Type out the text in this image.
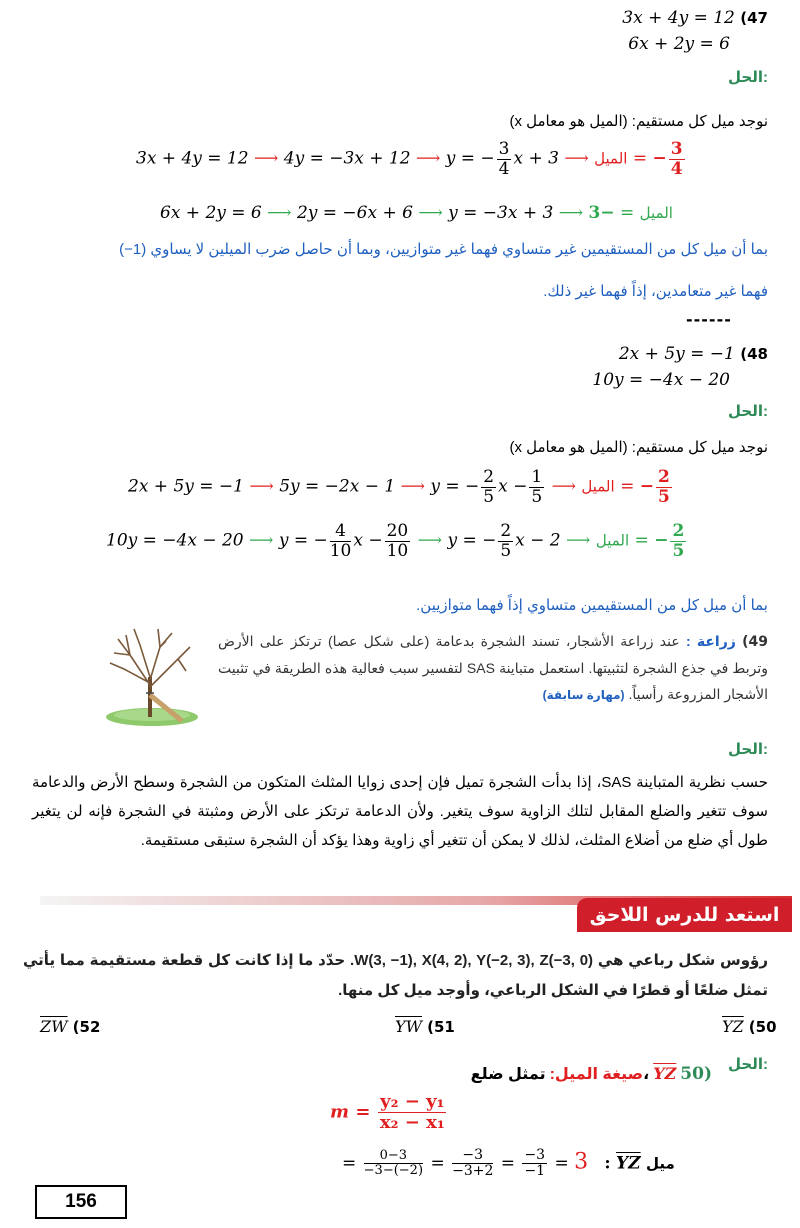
3x + 4y = 12 (47
6x + 2y = 6
الحل:
نوجد ميل كل مستقيم: (الميل هو معامل x)
3x + 4y = 12 ⟶ 4y = −3x + 12 ⟶ y = − $\frac{3}{4}$ x + 3 ⟶ الميل = − $\frac{3}{4}$
6x + 2y = 6 ⟶ 2y = −6x + 6 ⟶ y = −3x + 3 ⟶	الميل = −3
بما أن ميل كل من المستقيمين غير متساوي فهما غير متوازيين، وبما أن حاصل ضرب الميلين لا يساوي (1−)
فهما غير متعامدين، إذاً فهما غير ذلك.
------
2x + 5y = −1 (48
10y = −4x − 20
الحل:
نوجد ميل كل مستقيم: (الميل هو معامل x)
2x + 5y = −1 ⟶ 5y = −2x − 1 ⟶ y = − $\frac{2}{5}$ $x - \frac{1}{5}$ ⟶ الميل = − $\frac{2}{5}$
10y = −4x − 20 ⟶ y = − $\frac{4}{10}$ $x - \frac{20}{10}$ ⟶ y = − $\frac{2}{5}$ x − 2 ⟶ الميل = − $\frac{2}{5}$
بما أن ميل كل من المستقيمين متساوي إذاً فهما متوازيين.
49) زراعة : عند زراعة الأشجار، تسند الشجرة بدعامة (على شكل عصا) ترتكز على الأرض وتربط في جذع الشجرة لتثبيتها. استعمل متباينة SAS لتفسير سبب فعالية هذه الطريقة في تثبيت الأشجار المزروعة رأسياً. (مهارة سابقة)
الحل:
حسب نظرية المتباينة SAS، إذا بدأت الشجرة تميل فإن إحدى زوايا المثلث المتكون من الشجرة وسطح الأرض والدعامة سوف تتغير والضلع المقابل لتلك الزاوية سوف يتغير. ولأن الدعامة ترتكز على الأرض ومثبتة في الشجرة فإنه لن يتغير طول أي ضلع من أضلاع المثلث، لذلك لا يمكن أن تتغير أي زاوية وهذا يؤكد أن الشجرة ستبقى مستقيمة.
استعد للدرس اللاحق
رؤوس شكل رباعي هي W(3, −1), X(4, 2), Y(−2, 3), Z(−3, 0). حدّد ما إذا كانت كل قطعة مستقيمة مما يأتي تمثل ضلعًا أو قطرًا في الشكل الرباعي، وأوجد ميل كل منها.
$\overline{ZW}$ (52	$\overline{YW}$ (51	$\overline{YZ}$ (50
الحل:
صيغة الميل: تمثل ضلع، $\overline{YZ}$ 50)
$m = \frac{\text{y₂ − y₁}}{\text{x₂ − x₁}}$
= $\frac{0-3}{-3-(-2)} = \frac{-3}{-3+2} = \frac{-3}{-1} = 3$ : $\overline{YZ}$ ميل
156
